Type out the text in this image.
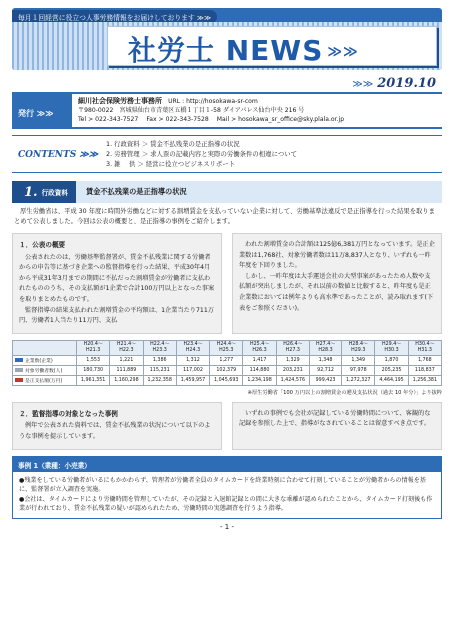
毎月１回経営に役立つ人事労務情報をお届けしております ≫≫
社労士 NEWS ≫≫
≫≫ 2019.10
発行 ≫≫
細川社会保険労務士事務所　 URL : http://hosokawa-sr-com
〒980-0022　宮城県仙台市青葉区五橋１丁目１-58 ダイアパレス仙台中央 216 号
Tel > 022-343-7527　 Fax > 022-343-7528　 Mail > hosokawa_sr_office@sky.plala.or.jp
CONTENTS ≫≫
1. 行政資料 ＞ 賃金不払残業の是正指導の状況
2. 労務管理 ＞ 求人票の記載内容と実際の労働条件の相違について
3. 雑　 供 ＞ 経営に役立つビジネスリポート
1. 行政資料	賃金不払残業の是正指導の状況
厚生労働省は、平成 30 年度に時間外労働などに対する割増賃金を支払っていない企業に対して、労働基準法違反で是正指導を行った結果を取りまとめて公表しました。今回は公表の概要と、是正指導の事例をご紹介します。
１．公表の概要

公表されたのは、労働基準監督署が、賃金不払残業に関する労働者からの申告等に基づき企業への監督指導を行った結果、平成30年4月から平成31年3月までの期間に不払だった割増賃金が労働者に支払われたもののうち、その支払額が1企業で合計100万円以上となった事案を取りまとめたものです。

監督指導の結果支払われた割増賃金の平均額は、1企業当たり711万円、労働者1人当たり11万円、支払

われた割増賃金の合計額は125億6,381万円となっています。是正企業数は1,768社、対象労働者数は11万8,837人となり、いずれも一昨年度を下回りました。

しかし、一昨年度は大手運送会社の大型事案があったため人数や支払額が突出しましたが、それ以前の数値と比較すると、昨年度も是正企業数においては例年よりも高水準であったことが、読み取れます(下表をご参照ください)。

	H20.4～ H21.3	H21.4～ H22.3	H22.4～ H23.3	H23.4～ H24.3	H24.4～ H25.3	H25.4～ H26.3	H26.4～ H27.3	H27.4～ H28.3	H28.4～ H29.3	H29.4～ H30.3	H30.4～ H31.3
企業数(企業)	1,553	1,221	1,386	1,312	1,277	1,417	1,329	1,348	1,349	1,870	1,768
対象労働者数(人)	180,730	111,889	115,231	117,002	102,379	114,880	203,231	92,712	97,978	205,235	118,837
是正支払額(万円)	1,961,351	1,160,298	1,232,358	1,459,957	1,045,693	1,234,198	1,424,576	999,423	1,272,327	4,464,195	1,256,381
※厚生労働省「100 万円以上の割増賃金の遡及支払状況（過去 10 年分）」より抜粋
２．監督指導の対象となった事例

例年で公表された資料では、賃金不払残業の状況について以下のような事例を提示しています。

いずれの事例でも会社が記録している労働時間について、客観的な記録を参照した上で、指導がなされていることは留意すべき点です。

事例 1（業種：小売業）
●残業をしている労働者がいるにもかかわらず、管理者が労働者全員のタイムカードを終業時刻に合わせて打刻していることが労働者からの情報を基に、監督署が立入調査を実施。
●会社は、タイムカードにより労働時間を管理していたが、その記録と入退館記録との間に大きな乖離が認められたことから、タイムカード打刻後も作業が行われており、賃金不払残業の疑いが認められたため、労働時間の実態調査を行うよう指導。
- 1 -
